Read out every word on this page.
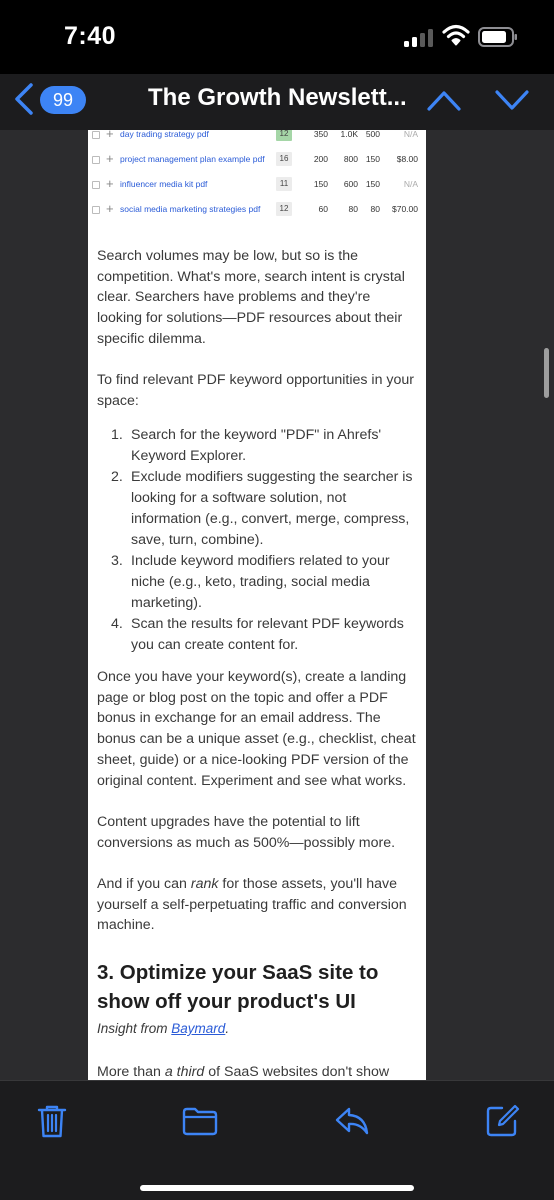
7:40
99	The Growth Newslett...
+ day trading strategy pdf	12	350	1.0K 500	N/A
+ project management plan example pdf	16	200	800 150	$8.00
+ influencer media kit pdf	11	150	600 150	N/A
+ social media marketing strategies pdf	12	60	80	80	$70.00

Search volumes may be low, but so is the competition. What's more, search intent is crystal clear. Searchers have problems and they're looking for solutions—PDF resources about their specific dilemma.

To find relevant PDF keyword opportunities in your space:

1. Search for the keyword "PDF" in Ahrefs' Keyword Explorer.
2. Exclude modifiers suggesting the searcher is looking for a software solution, not information (e.g., convert, merge, compress, save, turn, combine).
3. Include keyword modifiers related to your niche (e.g., keto, trading, social media marketing).
4. Scan the results for relevant PDF keywords you can create content for.

Once you have your keyword(s), create a landing page or blog post on the topic and offer a PDF bonus in exchange for an email address. The bonus can be a unique asset (e.g., checklist, cheat sheet, guide) or a nice-looking PDF version of the original content. Experiment and see what works.

Content upgrades have the potential to lift conversions as much as 500%—possibly more.

And if you can rank for those assets, you'll have yourself a self-perpetuating traffic and conversion machine.

3. Optimize your SaaS site to show off your product's UI
Insight from Baymard.

More than a third of SaaS websites don't show
